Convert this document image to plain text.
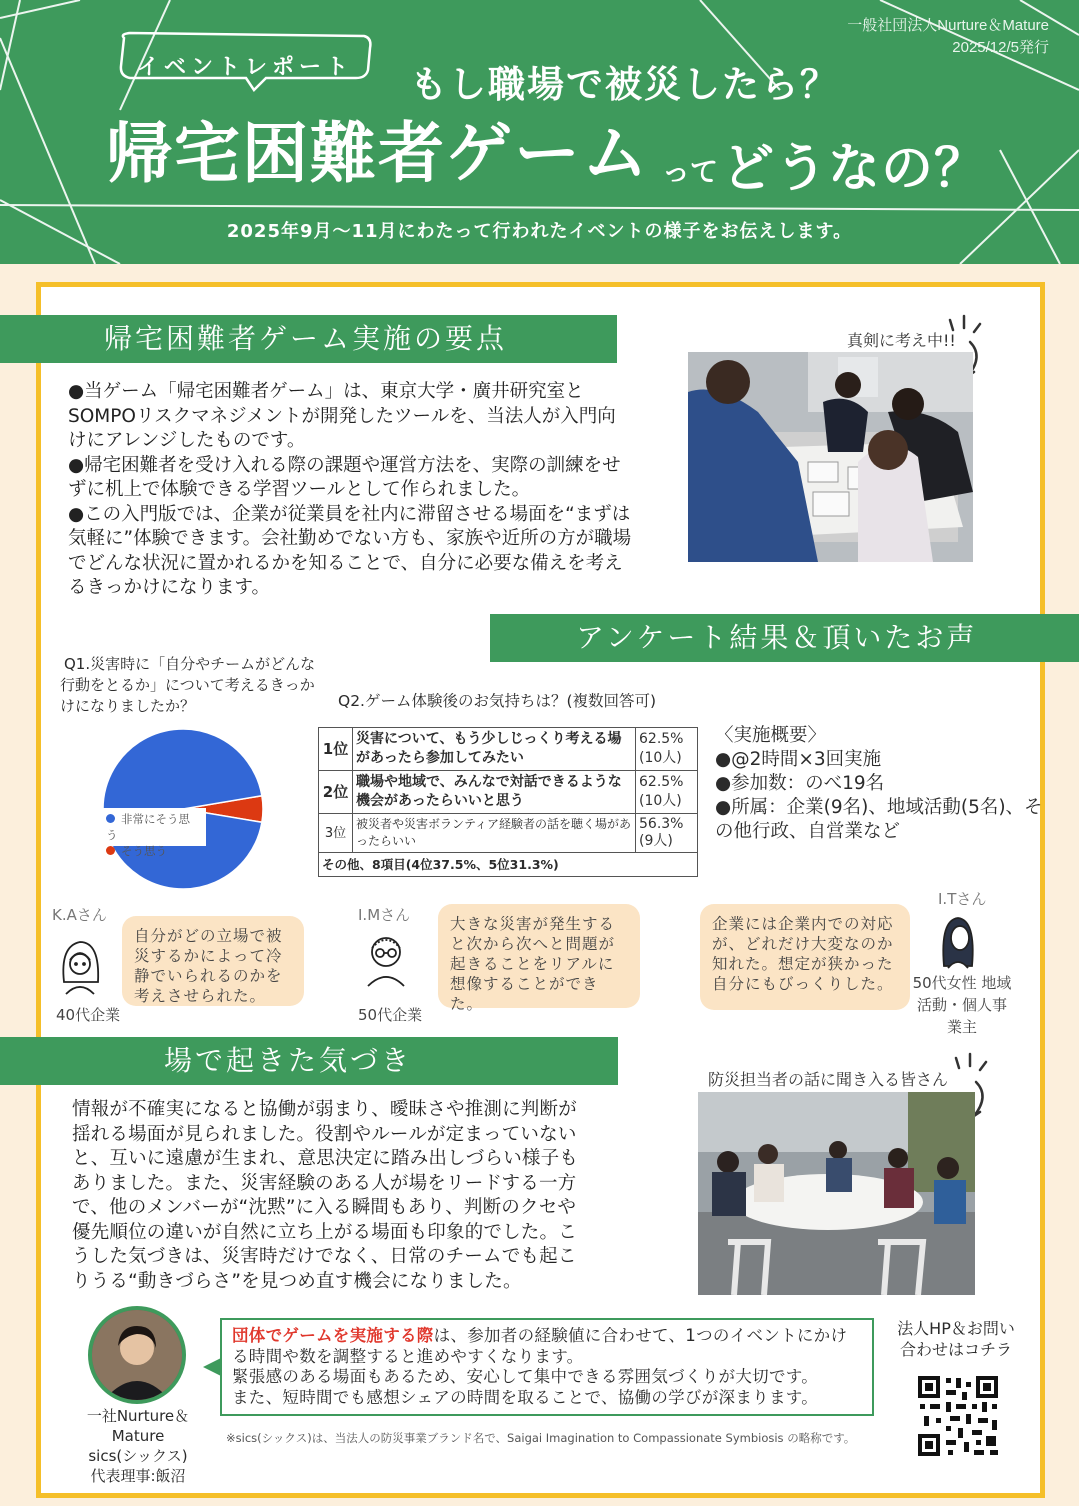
一般社団法人Nurture＆Mature
2025/12/5発行
イベントレポート	もし職場で被災したら？
帰宅困難者ゲーム って どうなの？
2025年9月〜11月にわたって行われたイベントの様子をお伝えします。
帰宅困難者ゲーム実施の要点
●当ゲーム「帰宅困難者ゲーム」は、東京大学・廣井研究室とSOMPOリスクマネジメントが開発したツールを、当法人が入門向けにアレンジしたものです。
●帰宅困難者を受け入れる際の課題や運営方法を、実際の訓練をせずに机上で体験できる学習ツールとして作られました。
●この入門版では、企業が従業員を社内に滞留させる場面を“まずは気軽に”体験できます。会社勤めでない方も、家族や近所の方が職場でどんな状況に置かれるかを知ることで、自分に必要な備えを考えるきっかけになります。
真剣に考え中!!
アンケート結果＆頂いたお声
Q1.災害時に「自分やチームがどんな行動をとるか」について考えるきっかけになりましたか？
非常にそう思う
そう思う
Q2.ゲーム体験後のお気持ちは？(複数回答可)
1位	災害について、もう少しじっくり考える場があったら参加してみたい	62.5%
(10人)

2位	職場や地域で、みんなで対話できるような機会があったらいいと思う	62.5%
(10人)

3位	被災者や災害ボランティア経験者の話を聴く場があったらいい	56.3%
(9人)

その他、8項目(4位37.5%、5位31.3%)		
〈実施概要〉
●@2時間×3回実施
●参加数：のべ19名
●所属：企業(9名)、地域活動(5名)、その他行政、自営業など
K.Aさん
40代企業
自分がどの立場で被災するかによって冷静でいられるのかを考えさせられた。
I.Mさん
50代企業
大きな災害が発生すると次から次へと問題が起きることをリアルに想像することができた。
企業には企業内での対応が、どれだけ大変なのか知れた。想定が狭かった自分にもびっくりした。
I.Tさん
50代女性 地域活動・個人事業主
場で起きた気づき
情報が不確実になると協働が弱まり、曖昧さや推測に判断が揺れる場面が見られました。役割やルールが定まっていないと、互いに遠慮が生まれ、意思決定に踏み出しづらい様子もありました。また、災害経験のある人が場をリードする一方で、他のメンバーが“沈黙”に入る瞬間もあり、判断のクセや優先順位の違いが自然に立ち上がる場面も印象的でした。こうした気づきは、災害時だけでなく、日常のチームでも起こりうる“動きづらさ”を見つめ直す機会になりました。
防災担当者の話に聞き入る皆さん
一社Nurture＆
Mature
sics(シックス)
代表理事:飯沼
団体でゲームを実施する際は、参加者の経験値に合わせて、1つのイベントにかける時間や数を調整すると進めやすくなります。
緊張感のある場面もあるため、安心して集中できる雰囲気づくりが大切です。
また、短時間でも感想シェアの時間を取ることで、協働の学びが深まります。
※sics(シックス)は、当法人の防災事業ブランド名で、Saigai Imagination to Compassionate Symbiosis の略称です。
法人HP＆お問い合わせはコチラ
